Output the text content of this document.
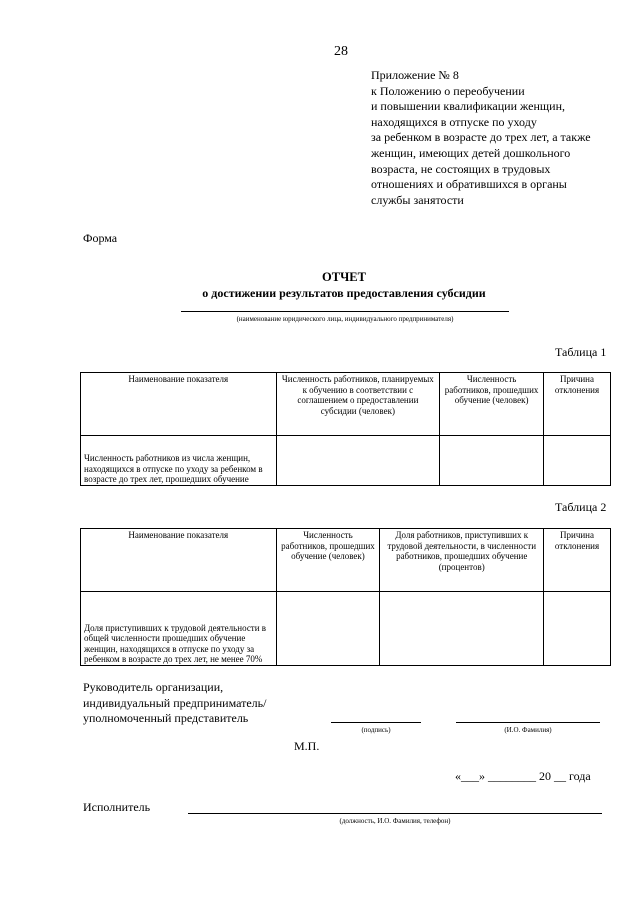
28
Приложение № 8
к Положению о переобучении
и повышении квалификации женщин,
находящихся в отпуске по уходу
за ребенком в возрасте до трех лет, а также
женщин, имеющих детей дошкольного
возраста, не состоящих в трудовых
отношениях и обратившихся в органы
службы занятости
Форма
ОТЧЕТ
о достижении результатов предоставления субсидии
(наименование юридического лица, индивидуального предпринимателя)
Таблица 1
Наименование показателя	Численность работников, планируемых к обучению в соответствии с соглашением о предоставлении субсидии (человек)	Численность работников, прошедших обучение (человек)	Причина отклонения
Численность работников из числа женщин, находящихся в отпуске по уходу за ребенком в возрасте до трех лет, прошедших обучение			
Таблица 2
Наименование показателя	Численность работников, прошедших обучение (человек)	Доля работников, приступивших к трудовой деятельности, в численности работников, прошедших обучение (процентов)	Причина отклонения
Доля приступивших к трудовой деятельности в общей численности прошедших обучение женщин, находящихся в отпуске по уходу за ребенком в возрасте до трех лет, не менее 70%			
Руководитель организации,
индивидуальный предприниматель/
уполномоченный представитель
(подпись)	(И.О. Фамилия)
М.П.
«___» ________ 20 __ года
Исполнитель
(должность, И.О. Фамилия, телефон)
